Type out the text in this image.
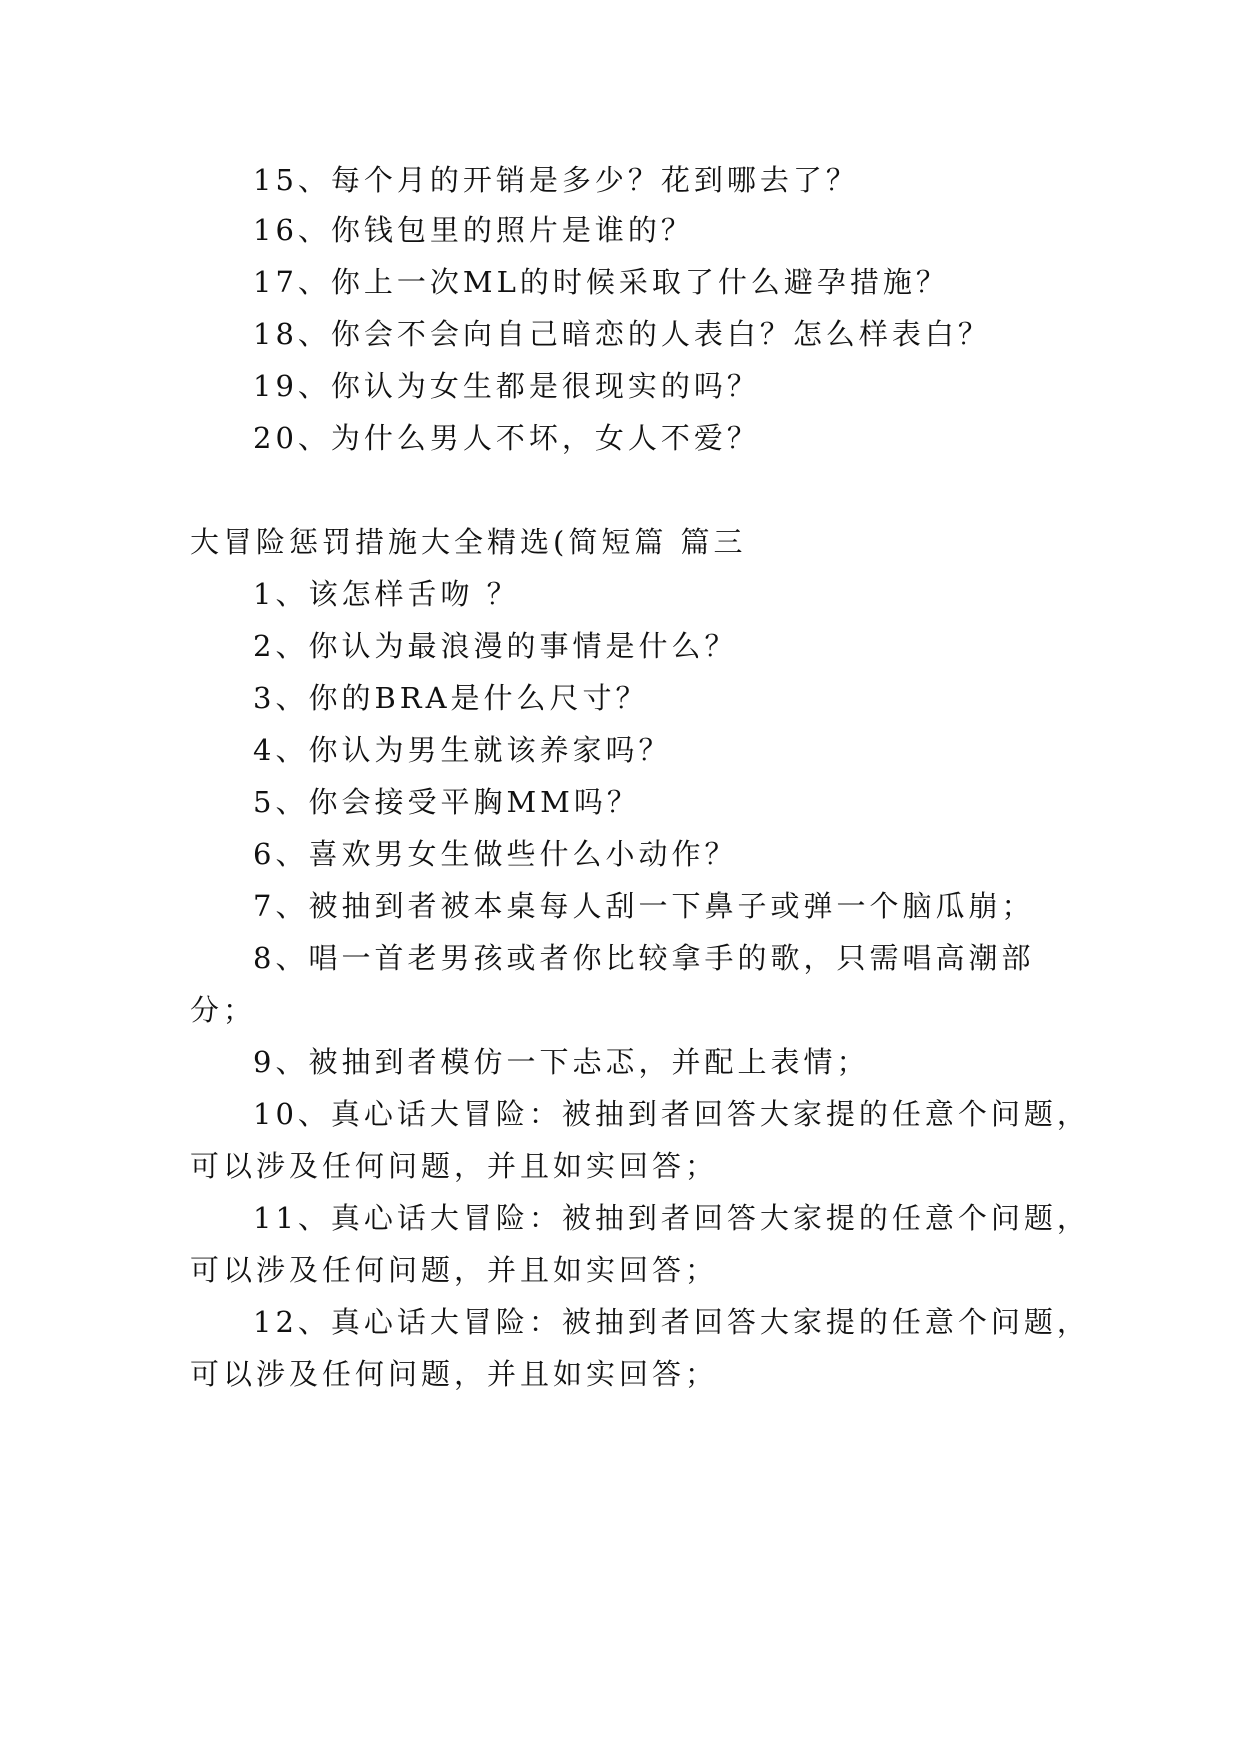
15、每个月的开销是多少？花到哪去了？
16、你钱包里的照片是谁的？
17、你上一次ML的时候采取了什么避孕措施？
18、你会不会向自己暗恋的人表白？怎么样表白？
19、你认为女生都是很现实的吗？
20、为什么男人不坏，女人不爱？
大冒险惩罚措施大全精选(简短篇 篇三
1、该怎样舌吻 ？
2、你认为最浪漫的事情是什么？
3、你的BRA是什么尺寸？
4、你认为男生就该养家吗？
5、你会接受平胸MM吗？
6、喜欢男女生做些什么小动作？
7、被抽到者被本桌每人刮一下鼻子或弹一个脑瓜崩；
8、唱一首老男孩或者你比较拿手的歌，只需唱高潮部
分；
9、被抽到者模仿一下忐忑，并配上表情；
10、真心话大冒险：被抽到者回答大家提的任意个问题，
可以涉及任何问题，并且如实回答；
11、真心话大冒险：被抽到者回答大家提的任意个问题，
可以涉及任何问题，并且如实回答；
12、真心话大冒险：被抽到者回答大家提的任意个问题，
可以涉及任何问题，并且如实回答；
